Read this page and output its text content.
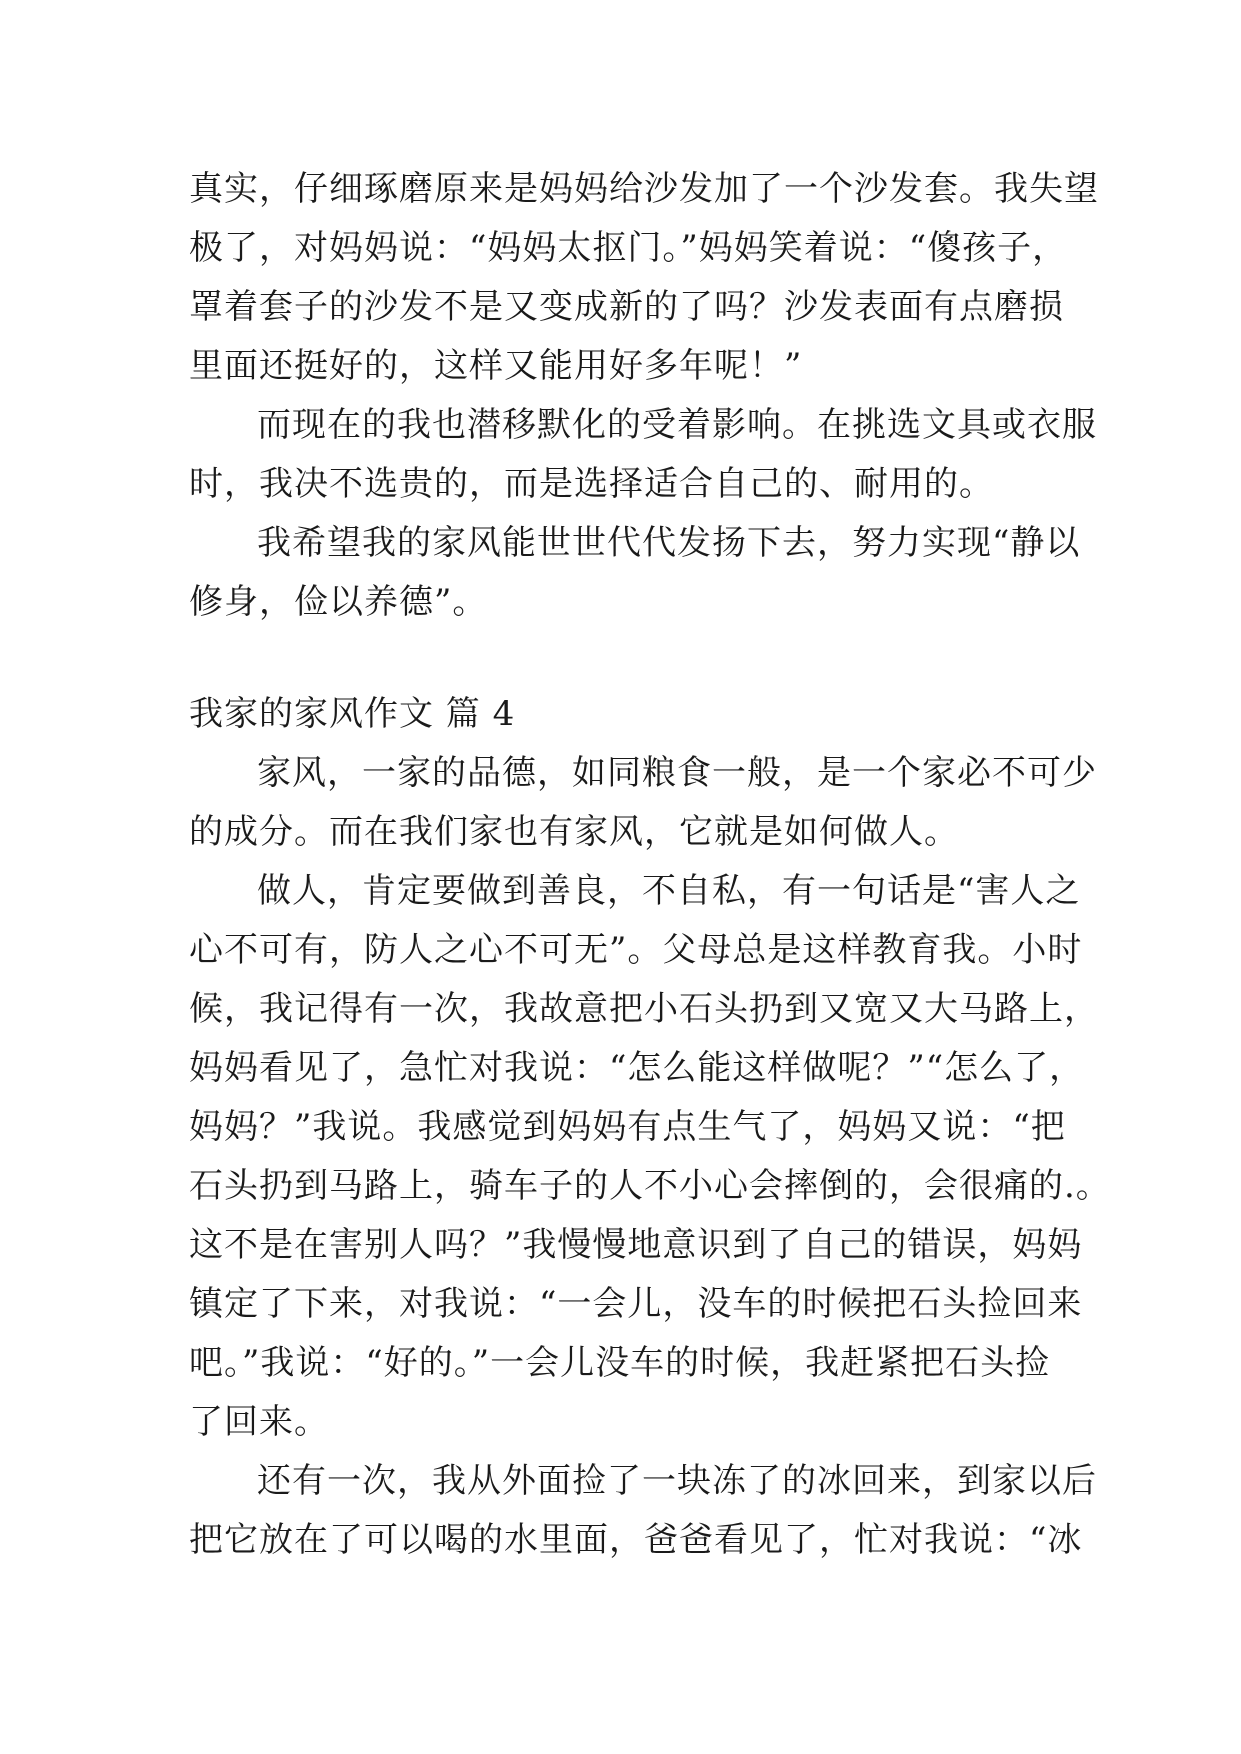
真实，仔细琢磨原来是妈妈给沙发加了一个沙发套。我失望
极了，对妈妈说：“妈妈太抠门。”妈妈笑着说：“傻孩子，
罩着套子的沙发不是又变成新的了吗？沙发表面有点磨损
里面还挺好的，这样又能用好多年呢！”
而现在的我也潜移默化的受着影响。在挑选文具或衣服
时，我决不选贵的，而是选择适合自己的、耐用的。
我希望我的家风能世世代代发扬下去，努力实现“静以
修身，俭以养德”。
我家的家风作文 篇 4
家风，一家的品德，如同粮食一般，是一个家必不可少
的成分。而在我们家也有家风，它就是如何做人。
做人，肯定要做到善良，不自私，有一句话是“害人之
心不可有，防人之心不可无”。父母总是这样教育我。小时
候，我记得有一次，我故意把小石头扔到又宽又大马路上，
妈妈看见了，急忙对我说：“怎么能这样做呢？”“怎么了，
妈妈？”我说。我感觉到妈妈有点生气了，妈妈又说：“把
石头扔到马路上，骑车子的人不小心会摔倒的，会很痛的.。
这不是在害别人吗？”我慢慢地意识到了自己的错误，妈妈
镇定了下来，对我说：“一会儿，没车的时候把石头捡回来
吧。”我说：“好的。”一会儿没车的时候，我赶紧把石头捡
了回来。
还有一次，我从外面捡了一块冻了的冰回来，到家以后
把它放在了可以喝的水里面，爸爸看见了，忙对我说：“冰
